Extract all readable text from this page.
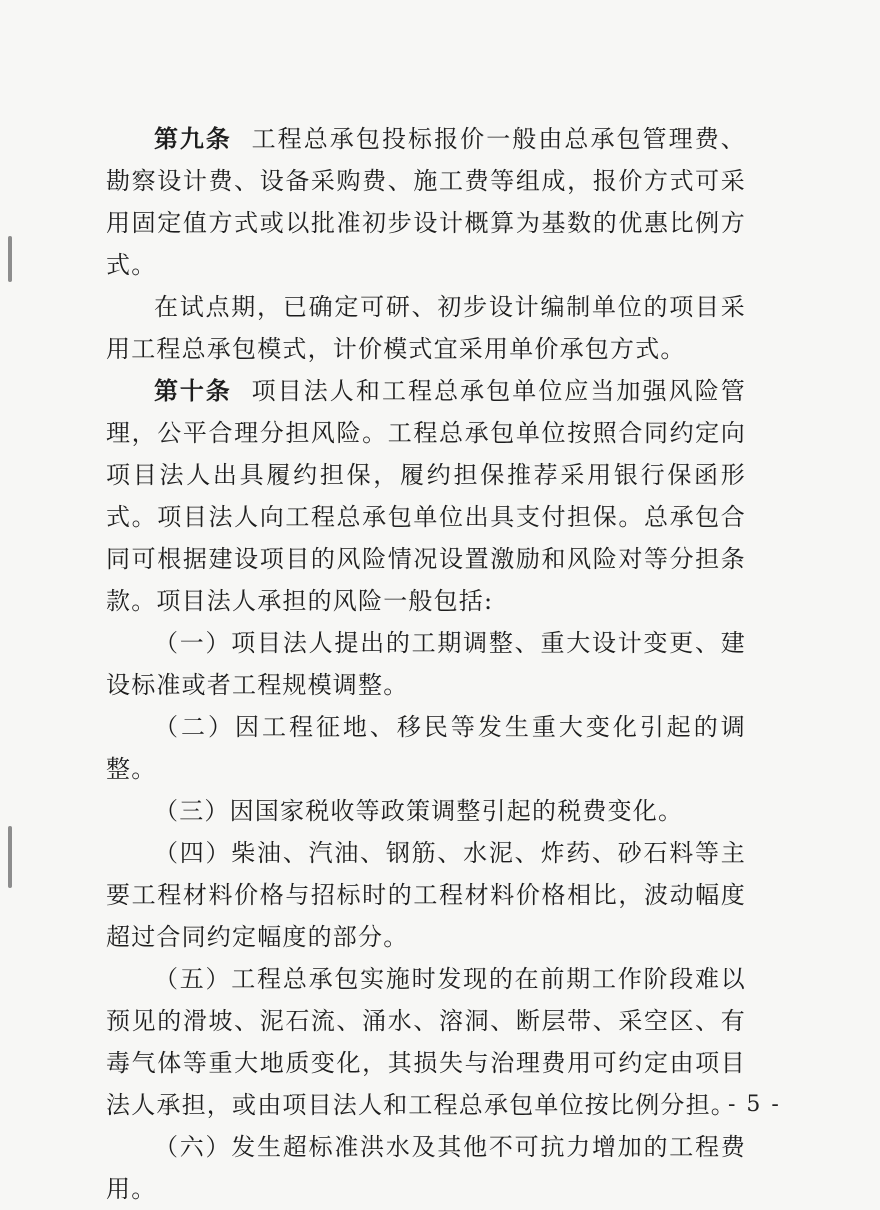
第九条 工程总承包投标报价一般由总承包管理费、勘察设计费、设备采购费、施工费等组成，报价方式可采用固定值方式或以批准初步设计概算为基数的优惠比例方式。

在试点期，已确定可研、初步设计编制单位的项目采用工程总承包模式，计价模式宜采用单价承包方式。

第十条 项目法人和工程总承包单位应当加强风险管理，公平合理分担风险。工程总承包单位按照合同约定向项目法人出具履约担保，履约担保推荐采用银行保函形式。项目法人向工程总承包单位出具支付担保。总承包合同可根据建设项目的风险情况设置激励和风险对等分担条款。项目法人承担的风险一般包括:

（一）项目法人提出的工期调整、重大设计变更、建设标准或者工程规模调整。

（二）因工程征地、移民等发生重大变化引起的调整。

（三）因国家税收等政策调整引起的税费变化。

（四）柴油、汽油、钢筋、水泥、炸药、砂石料等主要工程材料价格与招标时的工程材料价格相比，波动幅度超过合同约定幅度的部分。

（五）工程总承包实施时发现的在前期工作阶段难以预见的滑坡、泥石流、涌水、溶洞、断层带、采空区、有毒气体等重大地质变化，其损失与治理费用可约定由项目法人承担，或由项目法人和工程总承包单位按比例分担。

（六）发生超标准洪水及其他不可抗力增加的工程费用。

- 5 -
